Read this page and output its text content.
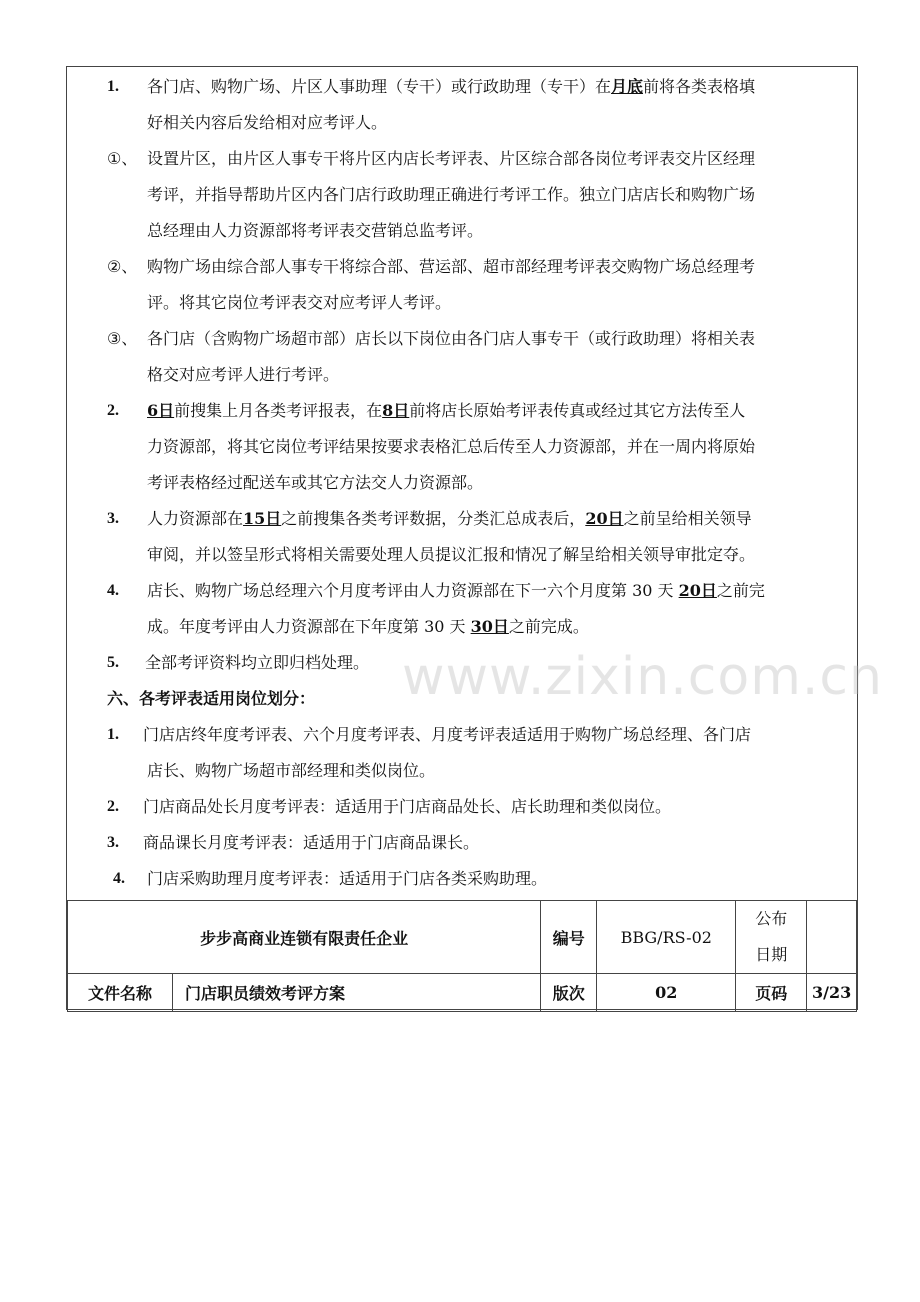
1. 各门店、购物广场、片区人事助理（专干）或行政助理（专干）在月底前将各类表格填
好相关内容后发给相对应考评人。
①、 设置片区，由片区人事专干将片区内店长考评表、片区综合部各岗位考评表交片区经理
考评，并指导帮助片区内各门店行政助理正确进行考评工作。独立门店店长和购物广场
总经理由人力资源部将考评表交营销总监考评。
②、 购物广场由综合部人事专干将综合部、营运部、超市部经理考评表交购物广场总经理考
评。将其它岗位考评表交对应考评人考评。
③、 各门店（含购物广场超市部）店长以下岗位由各门店人事专干（或行政助理）将相关表
格交对应考评人进行考评。
2. 6日前搜集上月各类考评报表，在8日前将店长原始考评表传真或经过其它方法传至人
力资源部，将其它岗位考评结果按要求表格汇总后传至人力资源部，并在一周内将原始
考评表格经过配送车或其它方法交人力资源部。
3. 人力资源部在15日之前搜集各类考评数据，分类汇总成表后，20日之前呈给相关领导
审阅，并以签呈形式将相关需要处理人员提议汇报和情况了解呈给相关领导审批定夺。
4. 店长、购物广场总经理六个月度考评由人力资源部在下一六个月度第 30 天 20日之前完
成。年度考评由人力资源部在下年度第 30 天 30日之前完成。
5. 全部考评资料均立即归档处理。
六、各考评表适用岗位划分：
1. 门店店终年度考评表、六个月度考评表、月度考评表适适用于购物广场总经理、各门店
店长、购物广场超市部经理和类似岗位。
2. 门店商品处长月度考评表：适适用于门店商品处长、店长助理和类似岗位。
3. 商品课长月度考评表：适适用于门店商品课长。
4. 门店采购助理月度考评表：适适用于门店各类采购助理。
www.zixin.com.cn
步步高商业连锁有限责任企业		编号	BBG/RS-02	公布
日期	

文件名称	门店职员绩效考评方案	版次	02	页码	3/23
